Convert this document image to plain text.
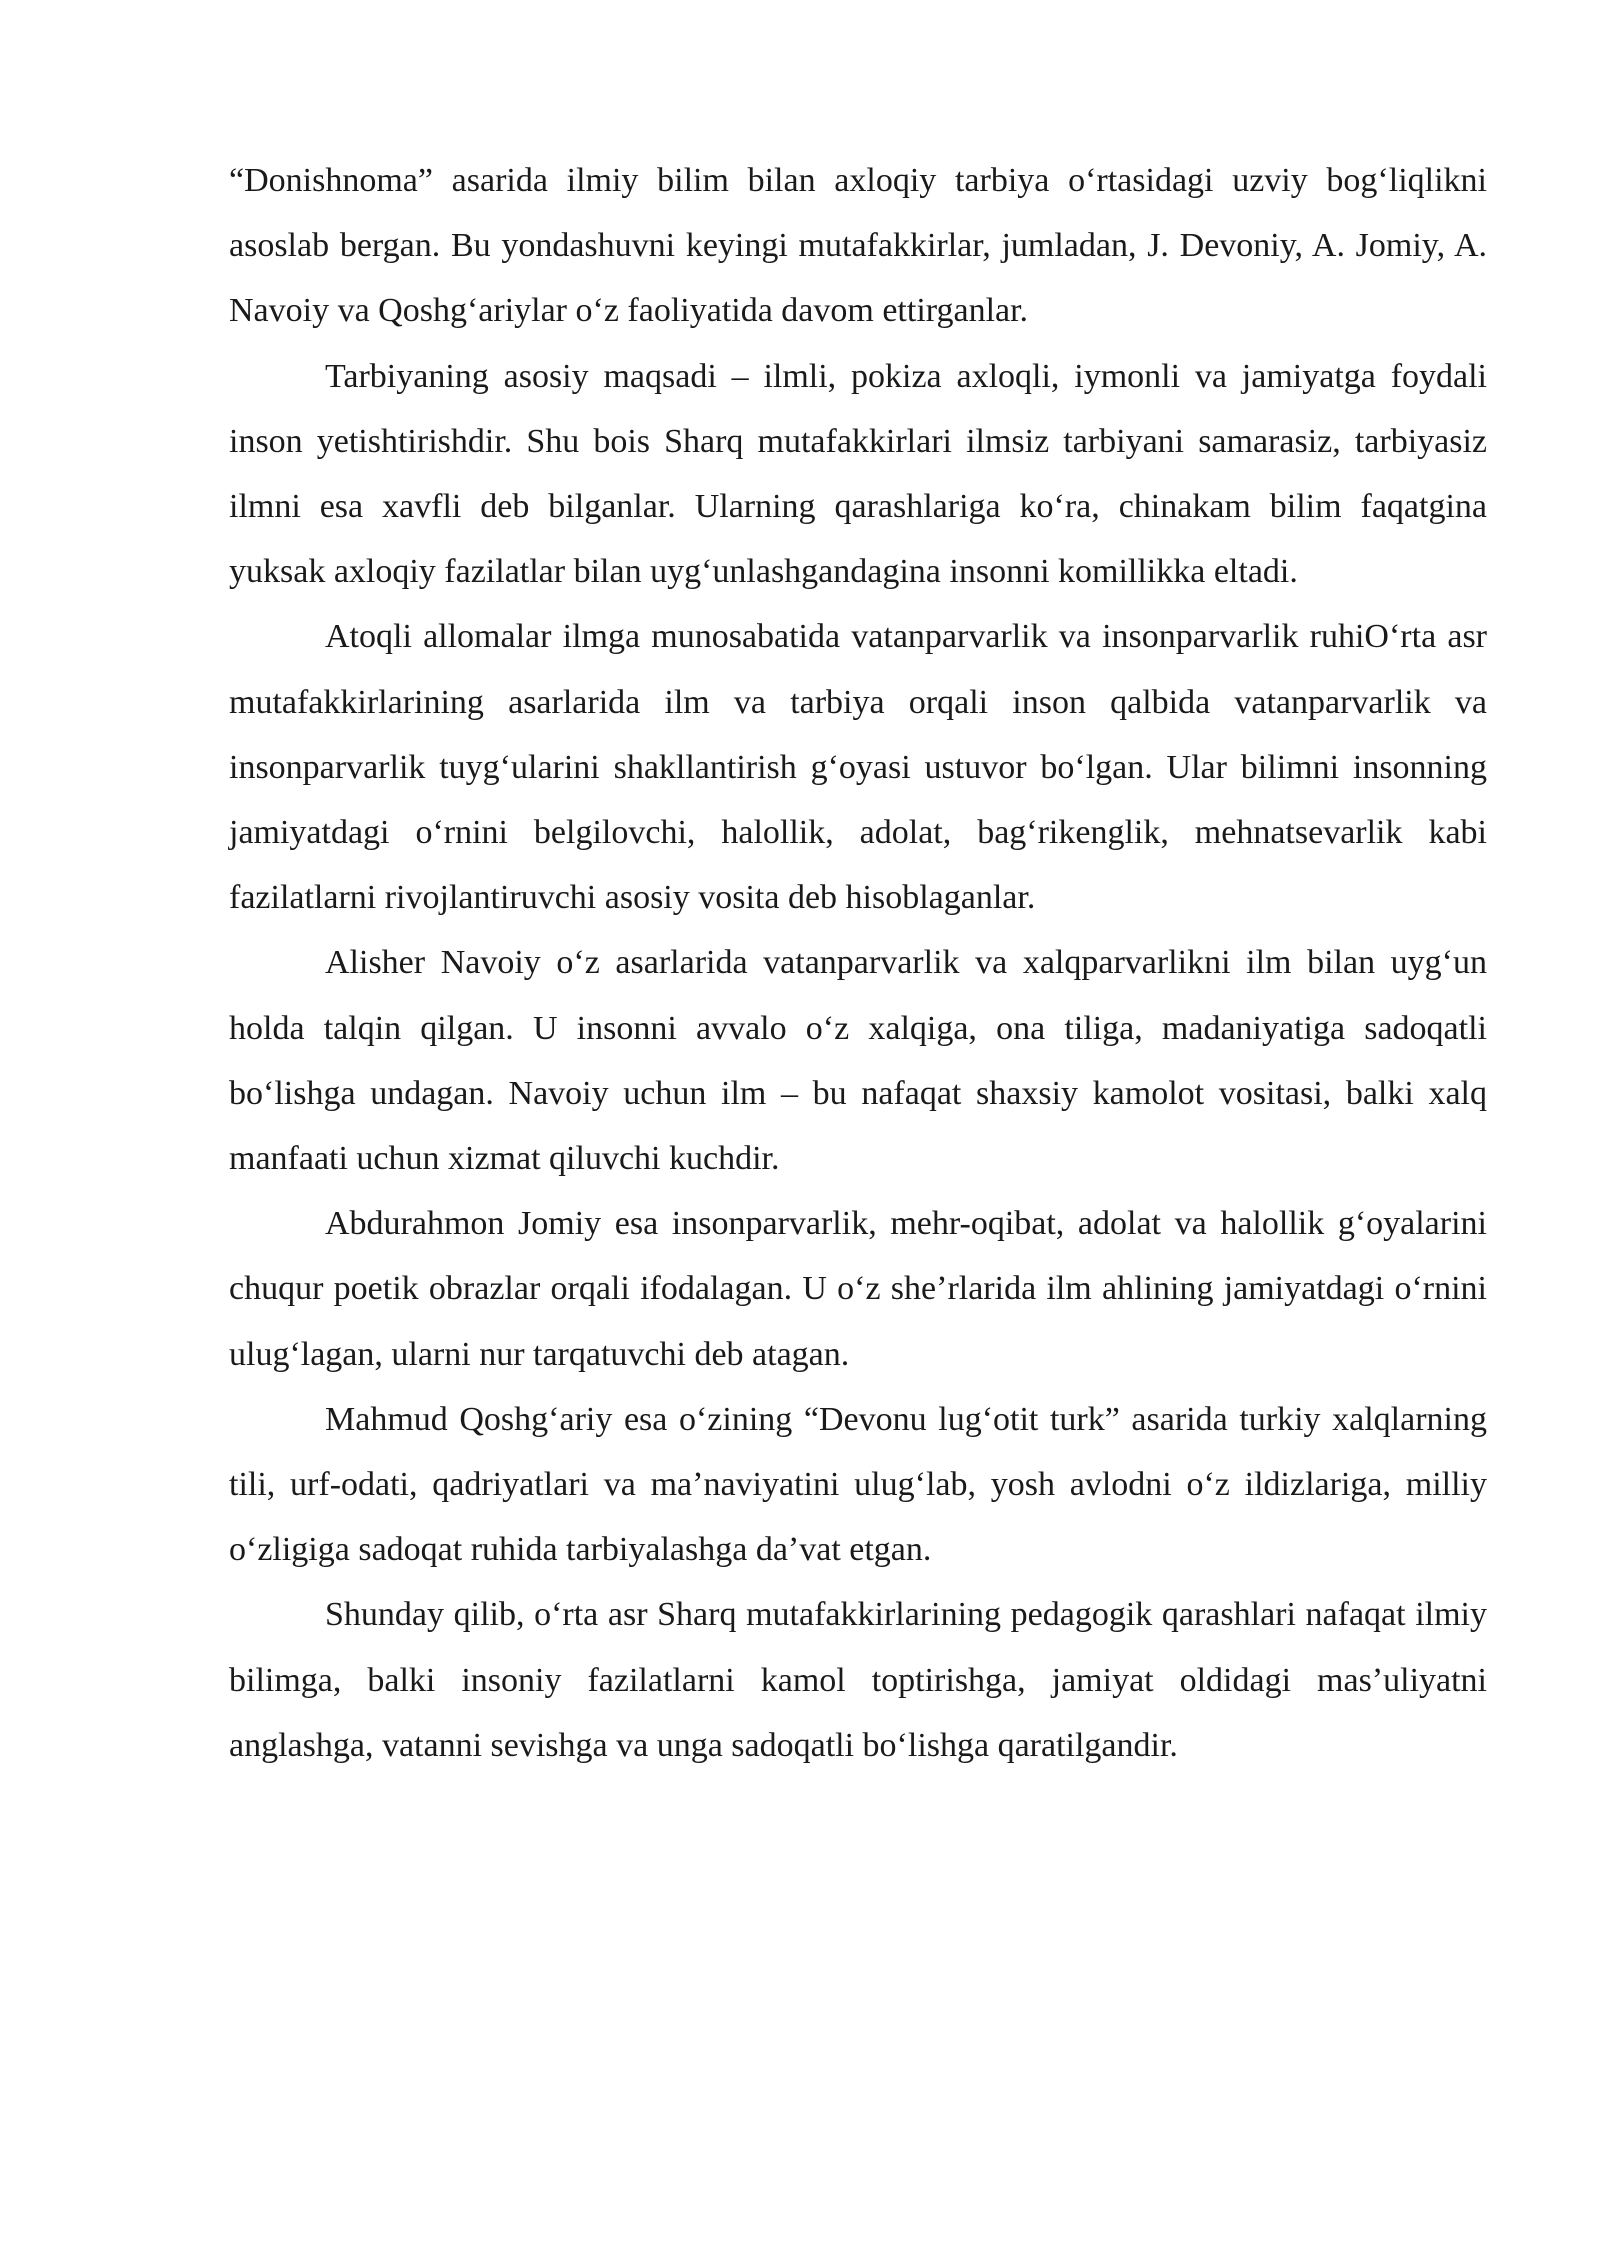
“Donishnoma” asarida ilmiy bilim bilan axloqiy tarbiya oʻrtasidagi uzviy bogʻliqlikni asoslab bergan. Bu yondashuvni keyingi mutafakkirlar, jumladan, J. Devoniy, A. Jomiy, A. Navoiy va Qoshgʻariylar oʻz faoliyatida davom ettirganlar.

Tarbiyaning asosiy maqsadi – ilmli, pokiza axloqli, iymonli va jamiyatga foydali inson yetishtirishdir. Shu bois Sharq mutafakkirlari ilmsiz tarbiyani samarasiz, tarbiyasiz ilmni esa xavfli deb bilganlar. Ularning qarashlariga koʻra, chinakam bilim faqatgina yuksak axloqiy fazilatlar bilan uygʻunlashgandagina insonni komillikka eltadi.

Atoqli allomalar ilmga munosabatida vatanparvarlik va insonparvarlik ruhiOʻrta asr mutafakkirlarining asarlarida ilm va tarbiya orqali inson qalbida vatanparvarlik va insonparvarlik tuygʻularini shakllantirish gʻoyasi ustuvor boʻlgan. Ular bilimni insonning jamiyatdagi oʻrnini belgilovchi, halollik, adolat, bagʻrikenglik, mehnatsevarlik kabi fazilatlarni rivojlantiruvchi asosiy vosita deb hisoblaganlar.

Alisher Navoiy oʻz asarlarida vatanparvarlik va xalqparvarlikni ilm bilan uygʻun holda talqin qilgan. U insonni avvalo oʻz xalqiga, ona tiliga, madaniyatiga sadoqatli boʻlishga undagan. Navoiy uchun ilm – bu nafaqat shaxsiy kamolot vositasi, balki xalq manfaati uchun xizmat qiluvchi kuchdir.

Abdurahmon Jomiy esa insonparvarlik, mehr-oqibat, adolat va halollik gʻoyalarini chuqur poetik obrazlar orqali ifodalagan. U oʻz sheʼrlarida ilm ahlining jamiyatdagi oʻrnini ulugʻlagan, ularni nur tarqatuvchi deb atagan.

Mahmud Qoshgʻariy esa oʻzining “Devonu lugʻotit turk” asarida turkiy xalqlarning tili, urf-odati, qadriyatlari va maʼnaviyatini ulugʻlab, yosh avlodni oʻz ildizlariga, milliy oʻzligiga sadoqat ruhida tarbiyalashga daʼvat etgan.

Shunday qilib, oʻrta asr Sharq mutafakkirlarining pedagogik qarashlari nafaqat ilmiy bilimga, balki insoniy fazilatlarni kamol toptirishga, jamiyat oldidagi masʼuliyatni anglashga, vatanni sevishga va unga sadoqatli boʻlishga qaratilgandir.
